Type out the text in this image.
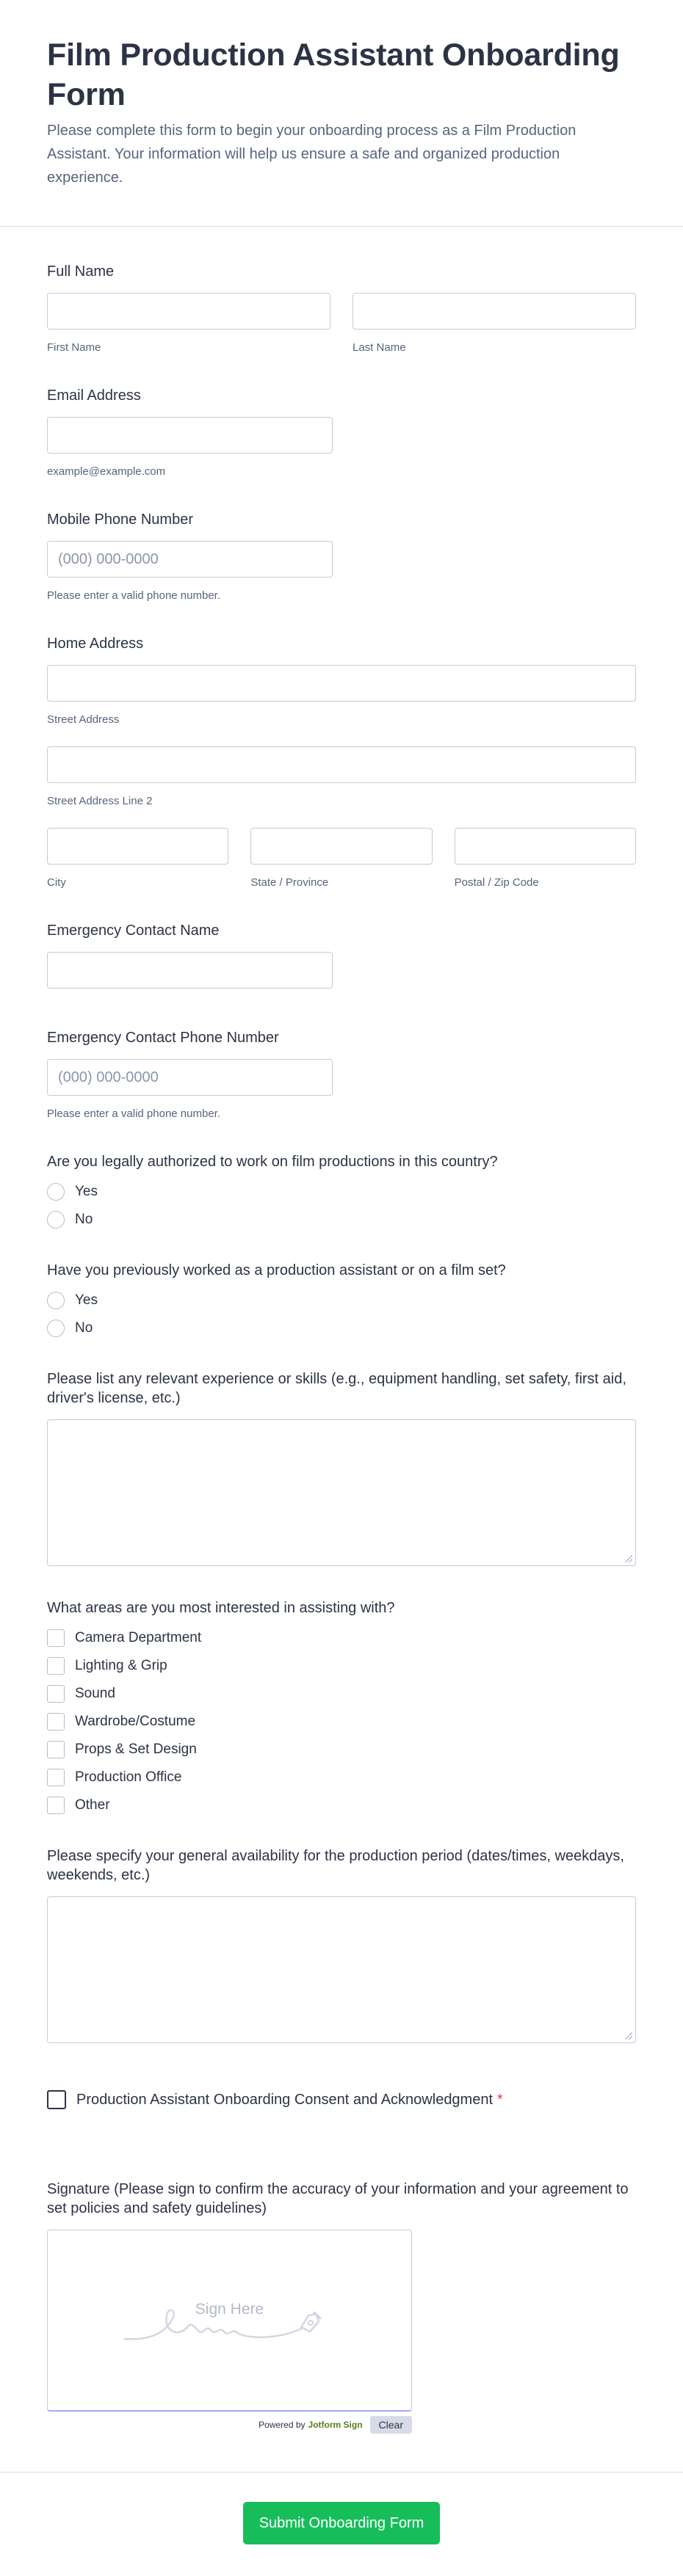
Film Production Assistant Onboarding Form
Please complete this form to begin your onboarding process as a Film Production Assistant. Your information will help us ensure a safe and organized production experience.
Full Name
First Name	Last Name
Email Address
example@example.com
Mobile Phone Number
(000) 000-0000
Please enter a valid phone number.
Home Address
Street Address
Street Address Line 2
City	State / Province	Postal / Zip Code
Emergency Contact Name
Emergency Contact Phone Number
(000) 000-0000
Please enter a valid phone number.
Are you legally authorized to work on film productions in this country?
Yes
No
Have you previously worked as a production assistant or on a film set?
Yes
No
Please list any relevant experience or skills (e.g., equipment handling, set safety, first aid, driver's license, etc.)
What areas are you most interested in assisting with?
Camera Department
Lighting & Grip
Sound
Wardrobe/Costume
Props & Set Design
Production Office
Other
Please specify your general availability for the production period (dates/times, weekdays, weekends, etc.)
Production Assistant Onboarding Consent and Acknowledgment *
Signature (Please sign to confirm the accuracy of your information and your agreement to set policies and safety guidelines)
Sign Here
Powered by Jotform Sign	Clear
Submit Onboarding Form
